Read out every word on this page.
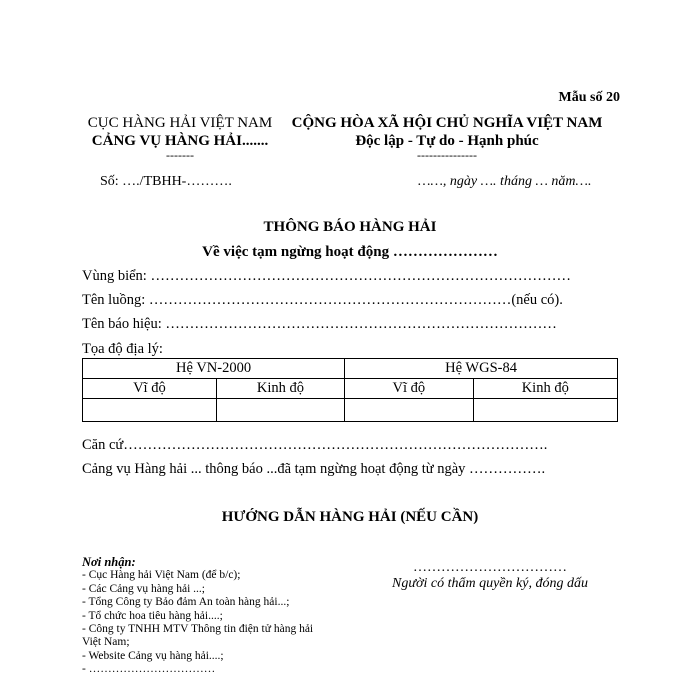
Mẫu số 20
CỤC HÀNG HẢI VIỆT NAM
CẢNG VỤ HÀNG HẢI.......
-------
CỘNG HÒA XÃ HỘI CHỦ NGHĨA VIỆT NAM
Độc lập - Tự do - Hạnh phúc
---------------
Số: …./TBHH-……….	……, ngày …. tháng … năm….
THÔNG BÁO HÀNG HẢI
Về việc tạm ngừng hoạt động …………………
Vùng biển: ……………………………………………………………………………
Tên luồng: …………………………………………………………………(nếu có).
Tên báo hiệu: ………………………………………………………………………
Tọa độ địa lý:
Hệ VN-2000		Hệ WGS-84	
Vĩ độ	Kinh độ	Vĩ độ	Kinh độ

Căn cứ…………………………………………………………………………….
Cảng vụ Hàng hải ... thông báo ...đã tạm ngừng hoạt động từ ngày …………….
HƯỚNG DẪN HÀNG HẢI (NẾU CẦN)
Nơi nhận:
- Cục Hàng hải Việt Nam (để b/c);
- Các Cảng vụ hàng hải ...;
- Tổng Công ty Bảo đảm An toàn hàng hải...;
- Tổ chức hoa tiêu hàng hải....;
- Công ty TNHH MTV Thông tin điện tử hàng hải
Việt Nam;
- Website Cảng vụ hàng hải....;
- ……………………………
……………………………
Người có thẩm quyền ký, đóng dấu
